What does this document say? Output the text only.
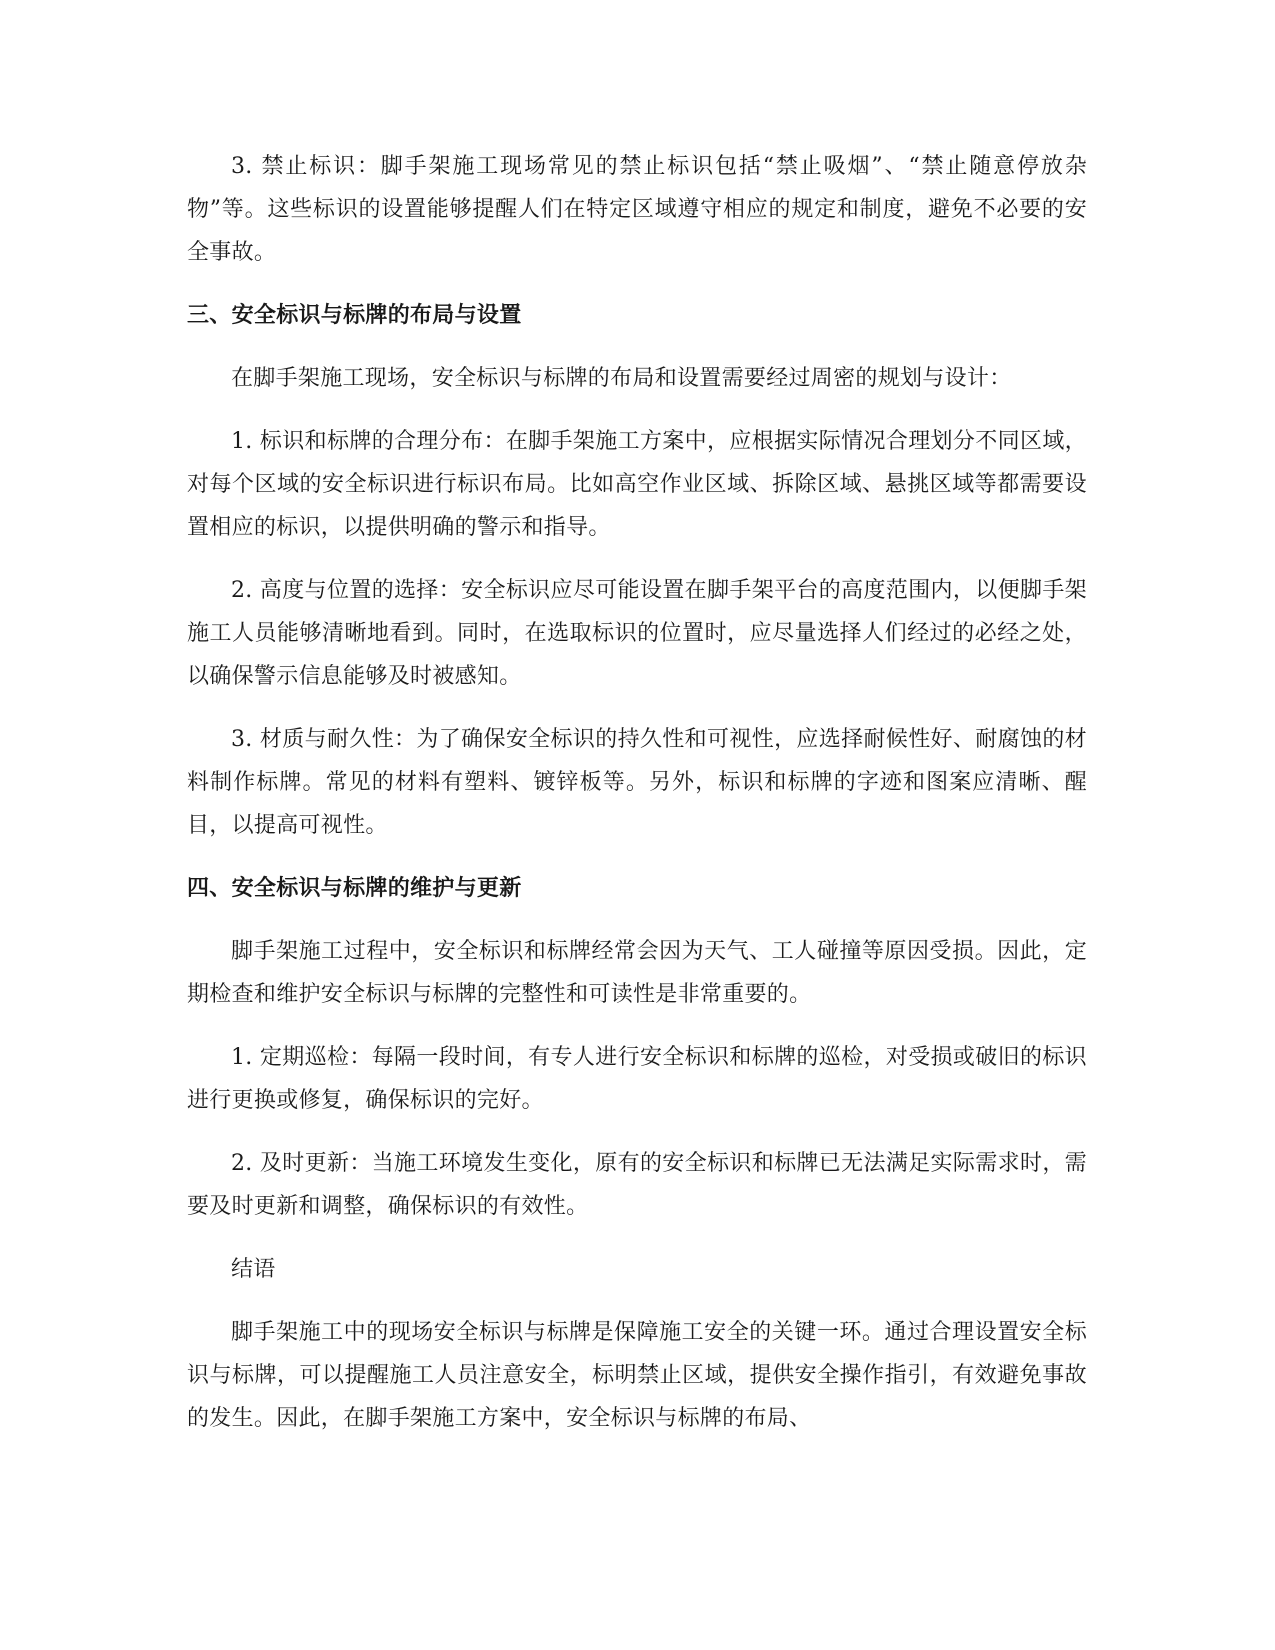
3. 禁止标识：脚手架施工现场常见的禁止标识包括“禁止吸烟”、“禁止随意停放杂物”等。这些标识的设置能够提醒人们在特定区域遵守相应的规定和制度，避免不必要的安全事故。

三、安全标识与标牌的布局与设置

在脚手架施工现场，安全标识与标牌的布局和设置需要经过周密的规划与设计：

1. 标识和标牌的合理分布：在脚手架施工方案中，应根据实际情况合理划分不同区域，对每个区域的安全标识进行标识布局。比如高空作业区域、拆除区域、悬挑区域等都需要设置相应的标识，以提供明确的警示和指导。

2. 高度与位置的选择：安全标识应尽可能设置在脚手架平台的高度范围内，以便脚手架施工人员能够清晰地看到。同时，在选取标识的位置时，应尽量选择人们经过的必经之处，以确保警示信息能够及时被感知。

3. 材质与耐久性：为了确保安全标识的持久性和可视性，应选择耐候性好、耐腐蚀的材料制作标牌。常见的材料有塑料、镀锌板等。另外，标识和标牌的字迹和图案应清晰、醒目，以提高可视性。

四、安全标识与标牌的维护与更新

脚手架施工过程中，安全标识和标牌经常会因为天气、工人碰撞等原因受损。因此，定期检查和维护安全标识与标牌的完整性和可读性是非常重要的。

1. 定期巡检：每隔一段时间，有专人进行安全标识和标牌的巡检，对受损或破旧的标识进行更换或修复，确保标识的完好。

2. 及时更新：当施工环境发生变化，原有的安全标识和标牌已无法满足实际需求时，需要及时更新和调整，确保标识的有效性。

结语

脚手架施工中的现场安全标识与标牌是保障施工安全的关键一环。通过合理设置安全标识与标牌，可以提醒施工人员注意安全，标明禁止区域，提供安全操作指引，有效避免事故的发生。因此，在脚手架施工方案中，安全标识与标牌的布局、
